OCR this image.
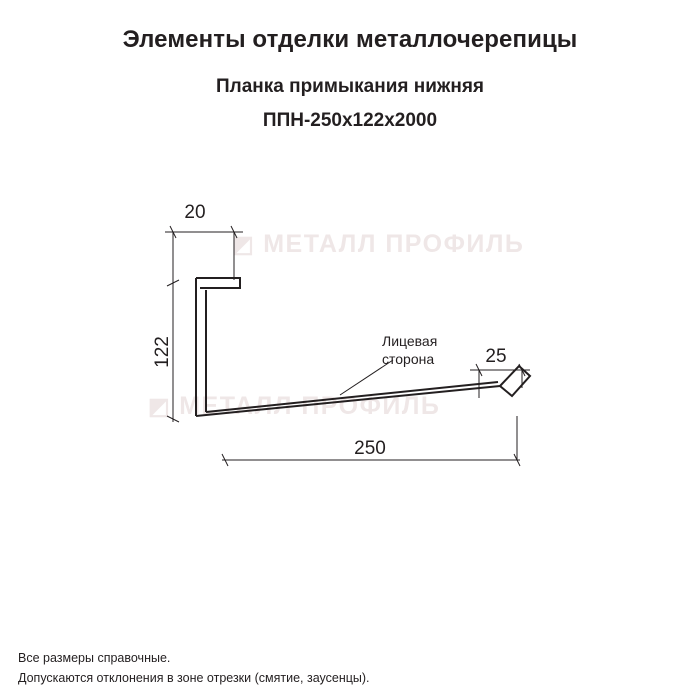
Элементы отделки металлочерепицы
Планка примыкания нижняя
ППН-250х122х2000
◩ МЕТАЛЛ ПРОФИЛЬ
◩ МЕТАЛЛ ПРОФИЛЬ
20
122
250
25
Лицевая
сторона
Все размеры справочные.
Допускаются отклонения в зоне отрезки (смятие, заусенцы).
